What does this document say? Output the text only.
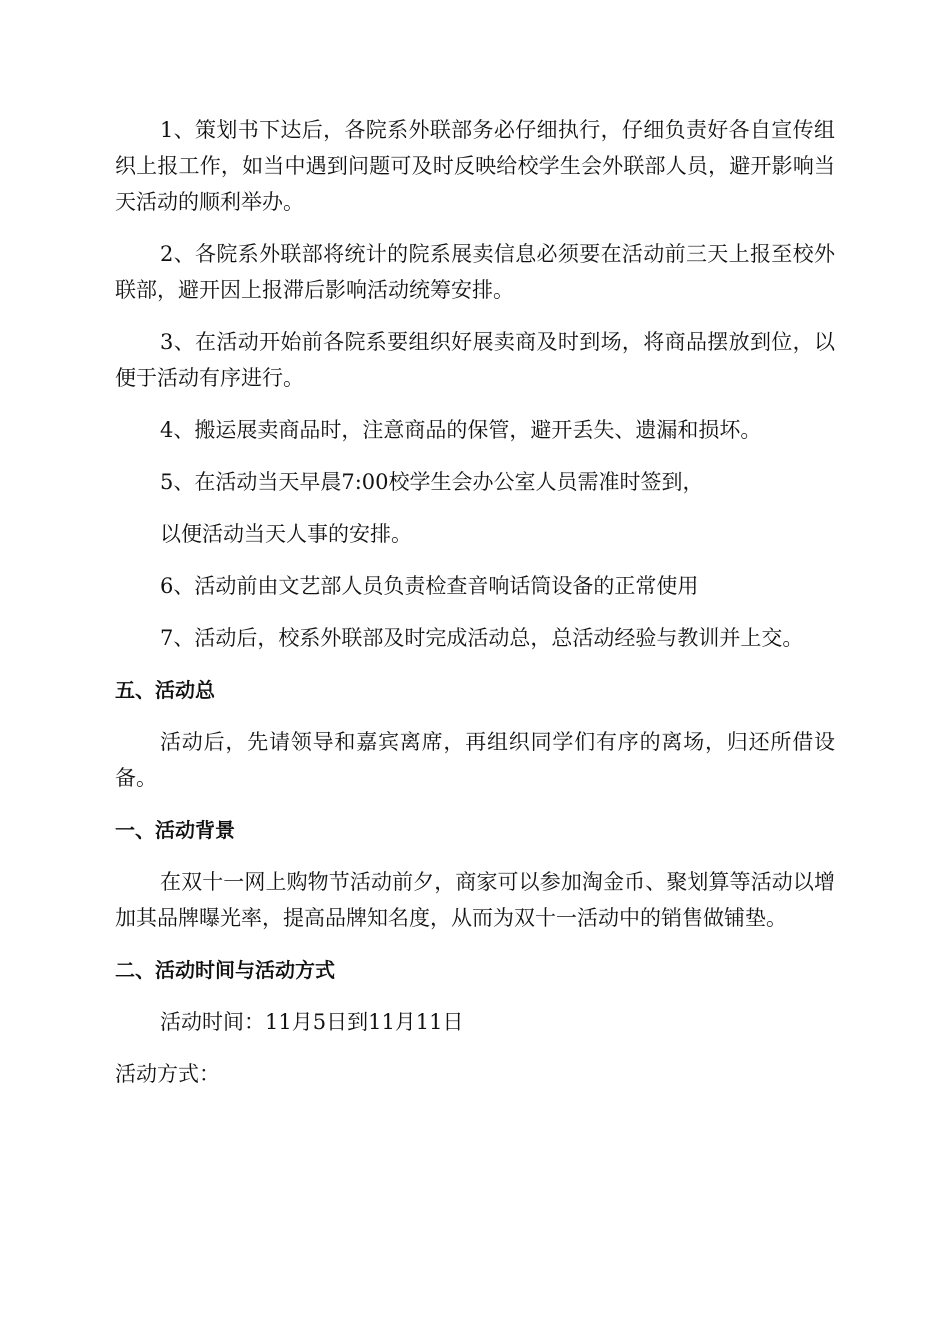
1、策划书下达后，各院系外联部务必仔细执行，仔细负责好各自宣传组织上报工作，如当中遇到问题可及时反映给校学生会外联部人员，避开影响当天活动的顺利举办。

2、各院系外联部将统计的院系展卖信息必须要在活动前三天上报至校外联部，避开因上报滞后影响活动统筹安排。

3、在活动开始前各院系要组织好展卖商及时到场，将商品摆放到位，以便于活动有序进行。

4、搬运展卖商品时，注意商品的保管，避开丢失、遗漏和损坏。

5、在活动当天早晨7:00校学生会办公室人员需准时签到，

以便活动当天人事的安排。

6、活动前由文艺部人员负责检查音响话筒设备的正常使用

7、活动后，校系外联部及时完成活动总，总活动经验与教训并上交。

五、活动总

活动后，先请领导和嘉宾离席，再组织同学们有序的离场，归还所借设备。

一、活动背景

在双十一网上购物节活动前夕，商家可以参加淘金币、聚划算等活动以增加其品牌曝光率，提高品牌知名度，从而为双十一活动中的销售做铺垫。

二、活动时间与活动方式

活动时间：11月5日到11月11日

活动方式：
